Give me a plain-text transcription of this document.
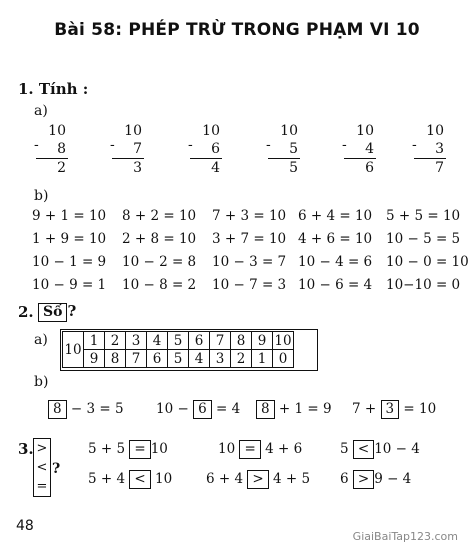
Bài 58: PHÉP TRỪ TRONG PHẠM VI 10
1. Tính :
a)
10
- 8
2
10
- 7
3
10
- 6
4
10
- 5
5
10
- 4
6
10
- 3
7
b)
9 + 1 = 10 8 + 2 = 10 7 + 3 = 10 6 + 4 = 10 5 + 5 = 10
1 + 9 = 10 2 + 8 = 10 3 + 7 = 10 4 + 6 = 10 10 − 5 = 5
10 − 1 = 9 10 − 2 = 8 10 − 3 = 7 10 − 4 = 6 10 − 0 = 10
10 − 9 = 1 10 − 8 = 2 10 − 7 = 3 10 − 6 = 4 10−10 = 0
2. Số ?
a)
10	1	2	3	4	5	6	7	8	9	10
	9	8	7	6	5	4	3	2	1	0
b)
8 − 3 = 5 10 − 6 = 4	8 + 1 = 9 7 + 3 = 10
3. >
<
=
?
5 + 5 = 10	10 = 4 + 6	5 < 10 − 4
5 + 4 < 10	6 + 4 > 4 + 5 6 > 9 − 4
48
GiaiBaiTap123.com
